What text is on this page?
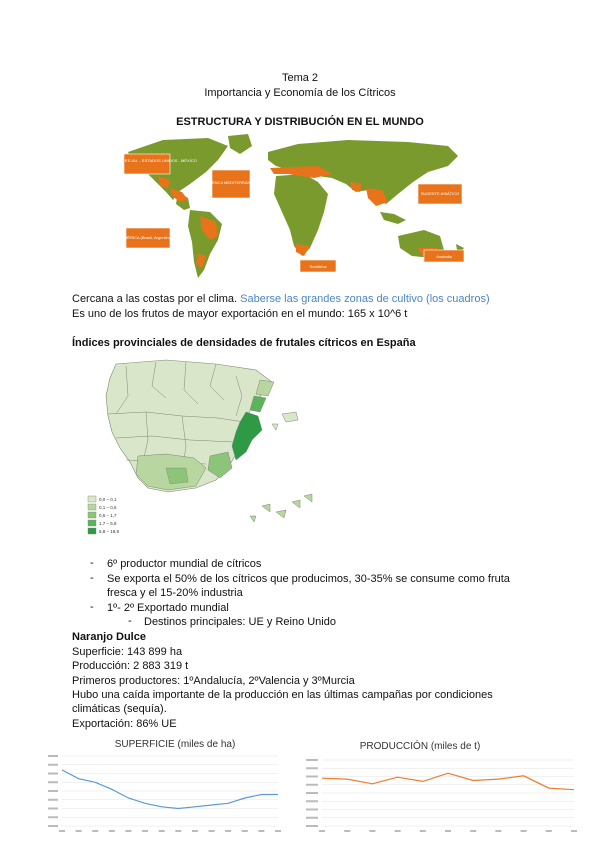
Tema 2
Importancia y Economía de los Cítricos
ESTRUCTURA Y DISTRIBUCIÓN EN EL MUNDO
SUR ESTE DE EE.UU. - ESTADOS UNIDOS - MÉXICO
CUENCA MEDITERRÁNEA
SUDESTE ASIÁTICO
SUDAMÉRICA (Brasil, Argentina, Perú)
Sudáfrica
Australia
Cercana a las costas por el clima. Saberse las grandes zonas de cultivo (los cuadros)
Es uno de los frutos de mayor exportación en el mundo: 165 x 10^6 t
Índices provinciales de densidades de frutales cítricos en España
0,0 – 0,1
0,1 – 0,6
0,6 – 1,7
1,7 – 5,8
5,8 – 19,9
- 6º productor mundial de cítricos
- Se exporta el 50% de los cítricos que producimos, 30-35% se consume como fruta
fresca y el 15-20% industria
- 1º- 2º Exportado mundial
- Destinos principales: UE y Reino Unido
Naranjo Dulce
Superficie: 143 899 ha
Producción: 2 883 319 t
Primeros productores: 1ºAndalucía, 2ºValencia y 3ºMurcia
Hubo una caída importante de la producción en las últimas campañas por condiciones
climáticas (sequía).
Exportación: 86% UE
SUPERFICIE (miles de ha)	PRODUCCIÓN (miles de t)
